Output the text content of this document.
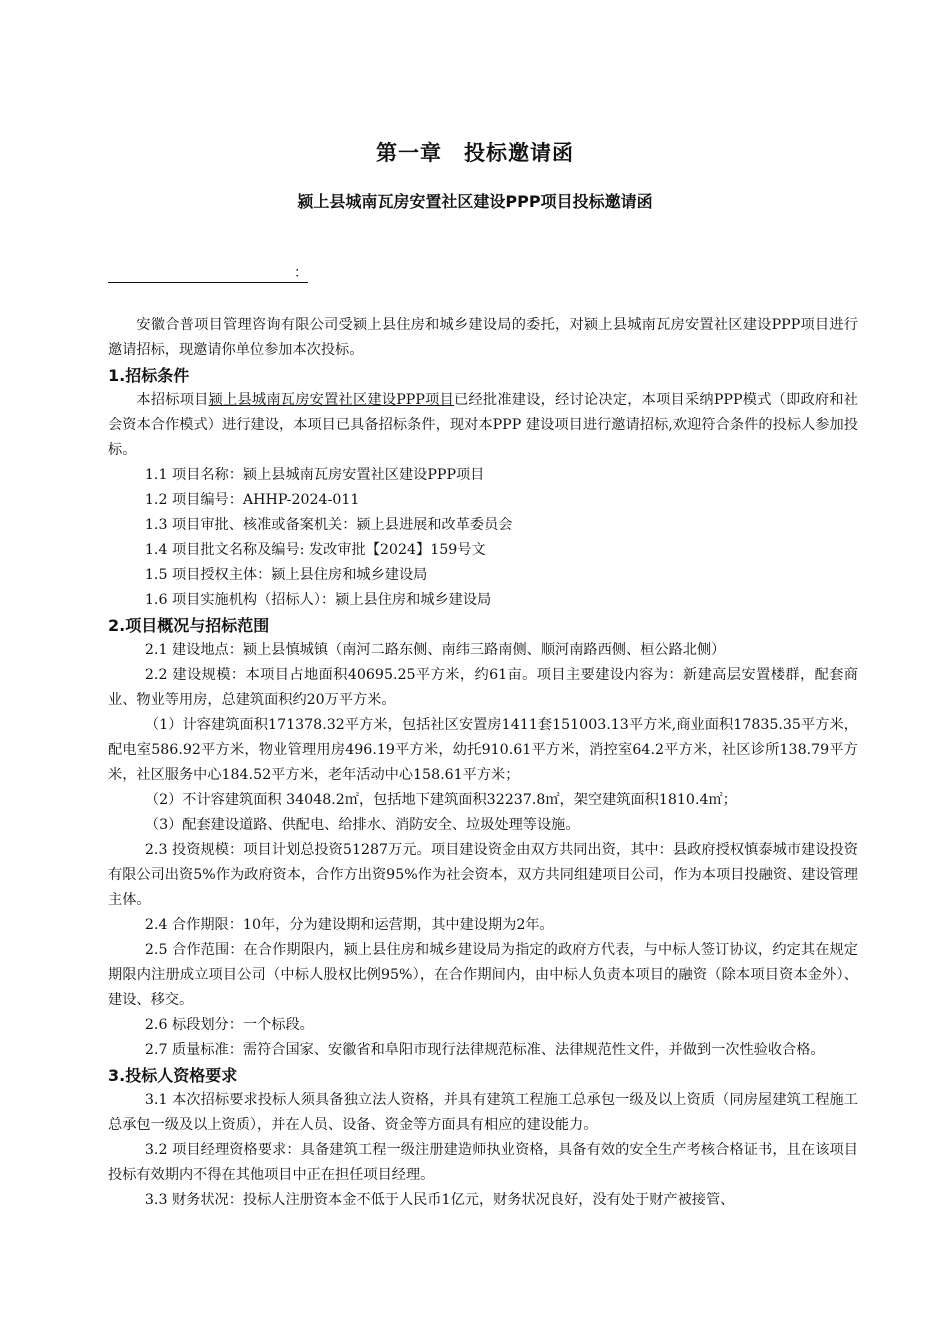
第一章　投标邀请函
颍上县城南瓦房安置社区建设PPP项目投标邀请函
：

安徽合普项目管理咨询有限公司受颍上县住房和城乡建设局的委托，对颍上县城南瓦房安置社区建设PPP项目进行邀请招标，现邀请你单位参加本次投标。

1.招标条件

本招标项目颍上县城南瓦房安置社区建设PPP项目已经批准建设，经讨论决定，本项目采纳PPP模式（即政府和社会资本合作模式）进行建设，本项目已具备招标条件，现对本PPP 建设项目进行邀请招标,欢迎符合条件的投标人参加投标。

1.1 项目名称：颍上县城南瓦房安置社区建设PPP项目

1.2 项目编号：AHHP-2024-011

1.3 项目审批、核准或备案机关：颍上县进展和改革委员会

1.4 项目批文名称及编号: 发改审批【2024】159号文

1.5 项目授权主体：颍上县住房和城乡建设局

1.6 项目实施机构（招标人）：颍上县住房和城乡建设局

2.项目概况与招标范围

2.1 建设地点：颍上县慎城镇（南河二路东侧、南纬三路南侧、顺河南路西侧、桓公路北侧）

2.2 建设规模：本项目占地面积40695.25平方米，约61亩。项目主要建设内容为：新建高层安置楼群，配套商业、物业等用房，总建筑面积约20万平方米。

（1）计容建筑面积171378.32平方米，包括社区安置房1411套151003.13平方米,商业面积17835.35平方米，配电室586.92平方米，物业管理用房496.19平方米，幼托910.61平方米，消控室64.2平方米，社区诊所138.79平方米，社区服务中心184.52平方米，老年活动中心158.61平方米；

（2）不计容建筑面积 34048.2㎡，包括地下建筑面积32237.8㎡，架空建筑面积1810.4㎡；

（3）配套建设道路、供配电、给排水、消防安全、垃圾处理等设施。

2.3 投资规模：项目计划总投资51287万元。项目建设资金由双方共同出资，其中：县政府授权慎泰城市建设投资有限公司出资5%作为政府资本，合作方出资95%作为社会资本，双方共同组建项目公司，作为本项目投融资、建设管理主体。

2.4 合作期限：10年，分为建设期和运营期，其中建设期为2年。

2.5 合作范围：在合作期限内，颍上县住房和城乡建设局为指定的政府方代表，与中标人签订协议，约定其在规定期限内注册成立项目公司（中标人股权比例95%），在合作期间内，由中标人负责本项目的融资（除本项目资本金外）、建设、移交。

2.6 标段划分：一个标段。

2.7 质量标准：需符合国家、安徽省和阜阳市现行法律规范标准、法律规范性文件，并做到一次性验收合格。

3.投标人资格要求

3.1 本次招标要求投标人须具备独立法人资格，并具有建筑工程施工总承包一级及以上资质（同房屋建筑工程施工总承包一级及以上资质），并在人员、设备、资金等方面具有相应的建设能力。

3.2 项目经理资格要求：具备建筑工程一级注册建造师执业资格，具备有效的安全生产考核合格证书，且在该项目投标有效期内不得在其他项目中正在担任项目经理。

3.3 财务状况：投标人注册资本金不低于人民币1亿元，财务状况良好，没有处于财产被接管、
